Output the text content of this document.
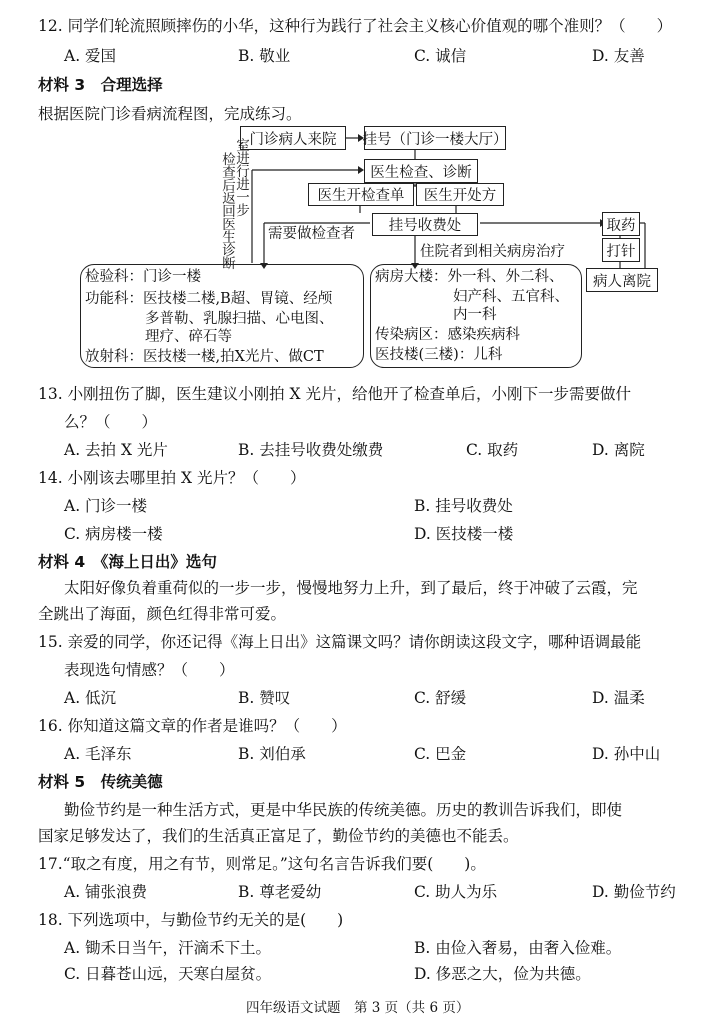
12. 同学们轮流照顾摔伤的小华，这种行为践行了社会主义核心价值观的哪个准则？（　　）
A. 爱国	B. 敬业	C. 诚信	D. 友善
材料 3　合理选择
根据医院门诊看病流程图，完成练习。
门诊病人来院	挂号（门诊一楼大厅）
医生检查、诊断
医生开检查单	医生开处方
挂号收费处	取药
打针
病人离院
需要做检查者
住院者到相关病房治疗
检
查
后
返
回
医
生
诊
断
室
进
行
进
一
步
检验科：门诊一楼
功能科：医技楼二楼,B超、胃镜、经颅
多普勒、乳腺扫描、心电图、
理疗、碎石等
放射科：医技楼一楼,拍X光片、做CT
病房大楼：外一科、外二科、
妇产科、五官科、
内一科
传染病区：感染疾病科
医技楼(三楼)：儿科
13. 小刚扭伤了脚，医生建议小刚拍 X 光片，给他开了检查单后，小刚下一步需要做什
么？（　　）
A. 去拍 X 光片	B. 去挂号收费处缴费	C. 取药	D. 离院
14. 小刚该去哪里拍 X 光片？（　　）
A. 门诊一楼	B. 挂号收费处
C. 病房楼一楼	D. 医技楼一楼
材料 4　《海上日出》选句
太阳好像负着重荷似的一步一步，慢慢地努力上升，到了最后，终于冲破了云霞，完
全跳出了海面，颜色红得非常可爱。
15. 亲爱的同学，你还记得《海上日出》这篇课文吗？请你朗读这段文字，哪种语调最能
表现选句情感？（　　）
A. 低沉	B. 赞叹	C. 舒缓	D. 温柔
16. 你知道这篇文章的作者是谁吗？（　　）
A. 毛泽东	B. 刘伯承	C. 巴金	D. 孙中山
材料 5　传统美德
勤俭节约是一种生活方式，更是中华民族的传统美德。历史的教训告诉我们，即使
国家足够发达了，我们的生活真正富足了，勤俭节约的美德也不能丢。
17.“取之有度，用之有节，则常足。”这句名言告诉我们要(　　)。
A. 铺张浪费	B. 尊老爱幼	C. 助人为乐	D. 勤俭节约
18. 下列选项中，与勤俭节约无关的是(　　)
A. 锄禾日当午，汗滴禾下土。	B. 由俭入奢易，由奢入俭难。
C. 日暮苍山远，天寒白屋贫。	D. 侈恶之大，俭为共德。
四年级语文试题　第 3 页（共 6 页）
